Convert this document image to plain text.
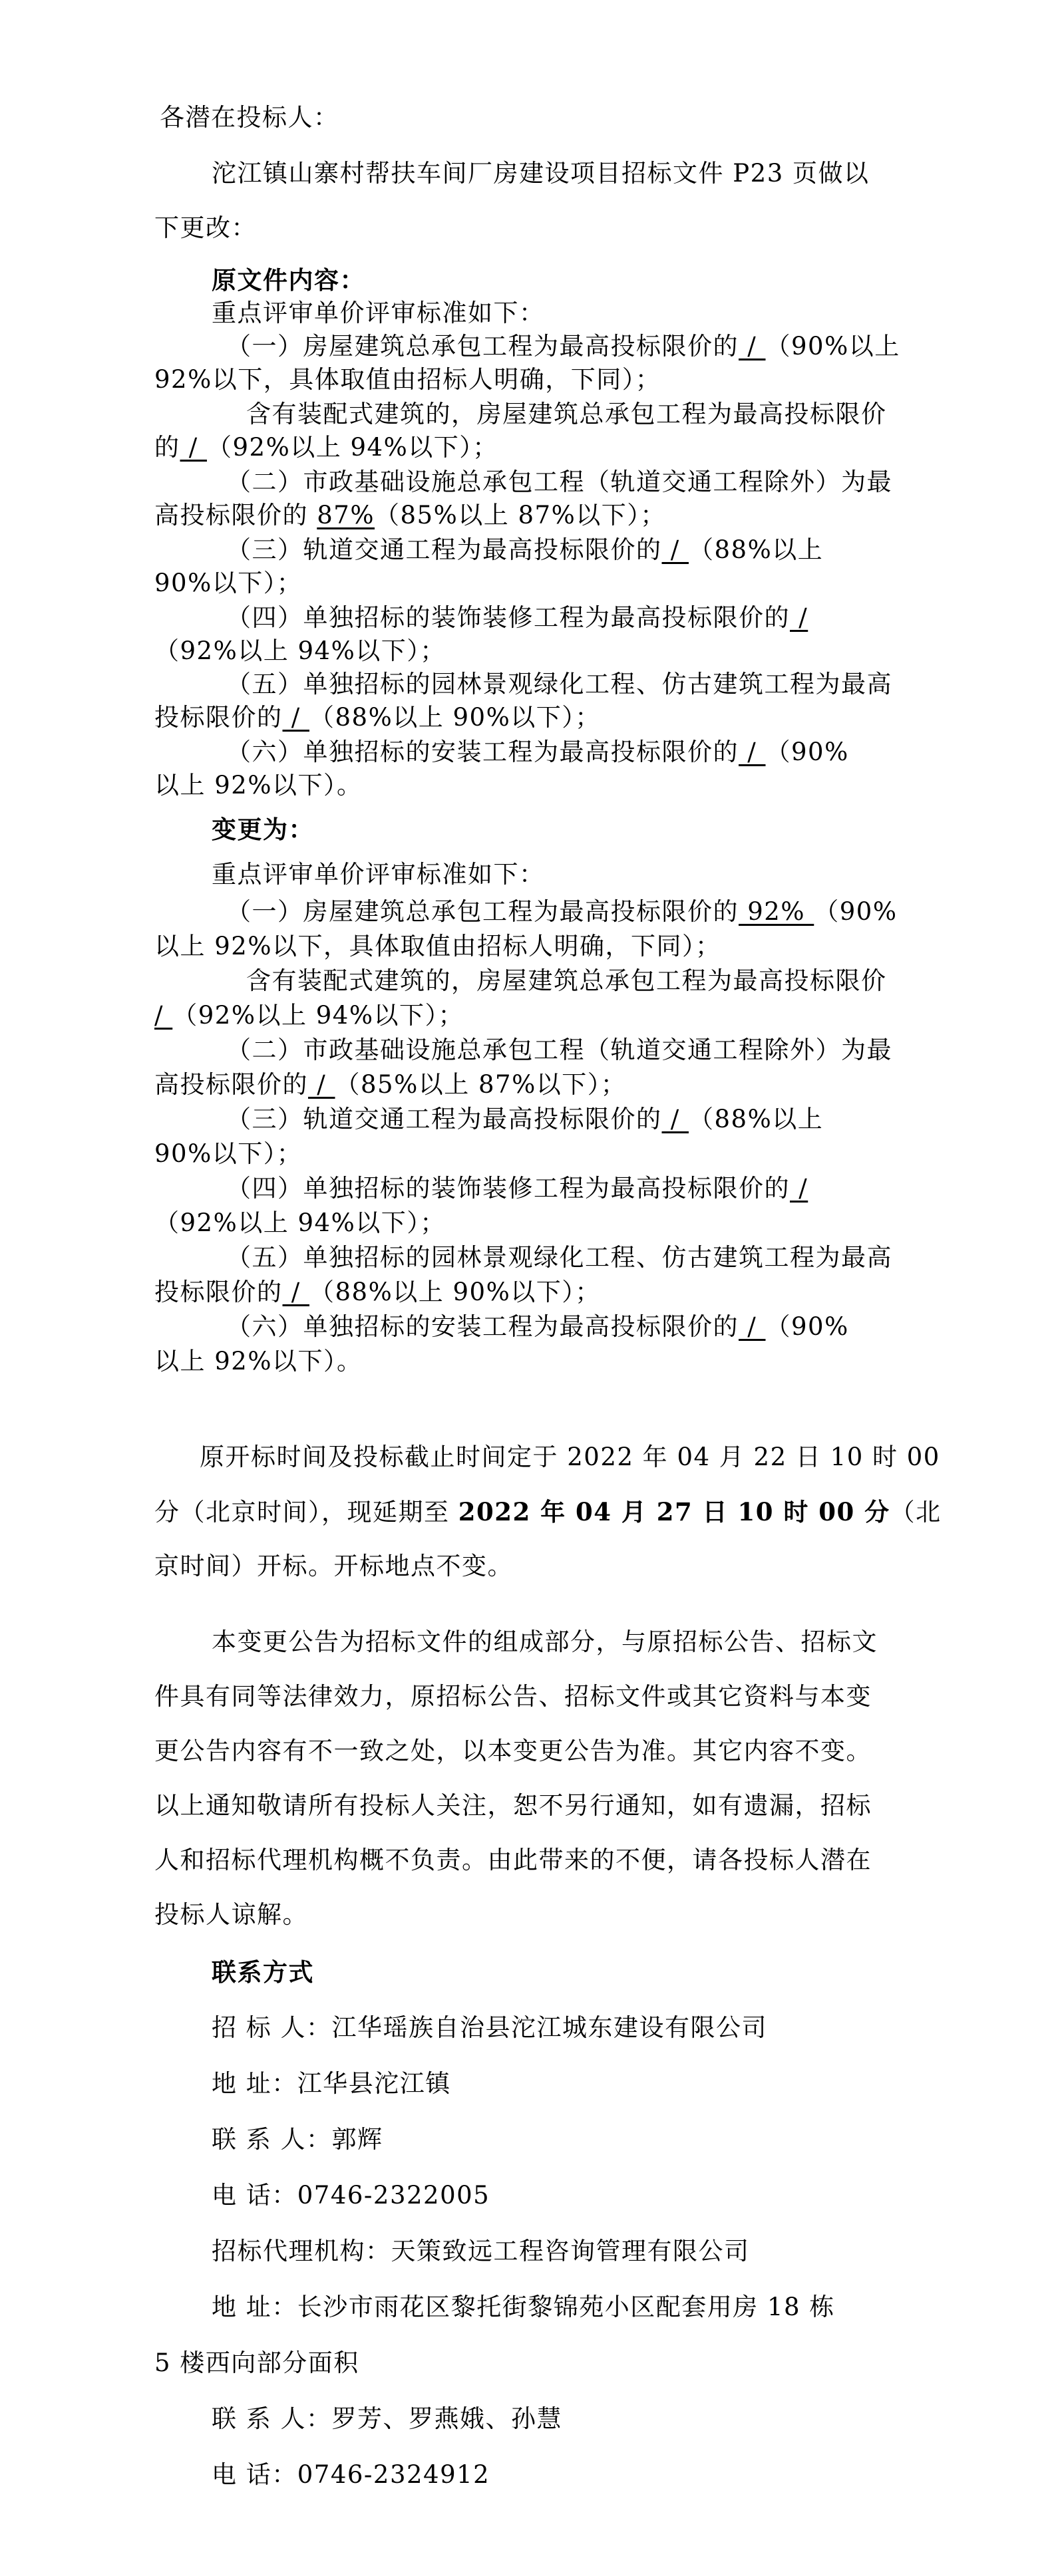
各潜在投标人：
沱江镇山寨村帮扶车间厂房建设项目招标文件 P23 页做以
下更改：
原文件内容：
重点评审单价评审标准如下：
（一）房屋建筑总承包工程为最高投标限价的 / （90%以上
92%以下，具体取值由招标人明确，下同）；
含有装配式建筑的，房屋建筑总承包工程为最高投标限价
的 / （92%以上 94%以下）；
（二）市政基础设施总承包工程（轨道交通工程除外）为最
高投标限价的 87%（85%以上 87%以下）；
（三）轨道交通工程为最高投标限价的 / （88%以上
90%以下）；
（四）单独招标的装饰装修工程为最高投标限价的 /
（92%以上 94%以下）；
（五）单独招标的园林景观绿化工程、仿古建筑工程为最高
投标限价的 / （88%以上 90%以下）；
（六）单独招标的安装工程为最高投标限价的 / （90%
以上 92%以下）。
变更为：
重点评审单价评审标准如下：
（一）房屋建筑总承包工程为最高投标限价的 92% （90%
以上 92%以下，具体取值由招标人明确，下同）；
含有装配式建筑的，房屋建筑总承包工程为最高投标限价
/ （92%以上 94%以下）；
（二）市政基础设施总承包工程（轨道交通工程除外）为最
高投标限价的 / （85%以上 87%以下）；
（三）轨道交通工程为最高投标限价的 / （88%以上
90%以下）；
（四）单独招标的装饰装修工程为最高投标限价的 /
（92%以上 94%以下）；
（五）单独招标的园林景观绿化工程、仿古建筑工程为最高
投标限价的 / （88%以上 90%以下）；
（六）单独招标的安装工程为最高投标限价的 / （90%
以上 92%以下）。
原开标时间及投标截止时间定于 2022 年 04 月 22 日 10 时 00
分（北京时间），现延期至 2022 年 04 月 27 日 10 时 00 分（北
京时间）开标。开标地点不变。
本变更公告为招标文件的组成部分，与原招标公告、招标文
件具有同等法律效力，原招标公告、招标文件或其它资料与本变
更公告内容有不一致之处，以本变更公告为准。其它内容不变。
以上通知敬请所有投标人关注，恕不另行通知，如有遗漏，招标
人和招标代理机构概不负责。由此带来的不便，请各投标人潜在
投标人谅解。
联系方式
招 标 人：江华瑶族自治县沱江城东建设有限公司
地 址：江华县沱江镇
联 系 人：郭辉
电 话：0746-2322005
招标代理机构：天策致远工程咨询管理有限公司
地 址：长沙市雨花区黎托街黎锦苑小区配套用房 18 栋
5 楼西向部分面积
联 系 人：罗芳、罗燕娥、孙慧
电 话：0746-2324912
